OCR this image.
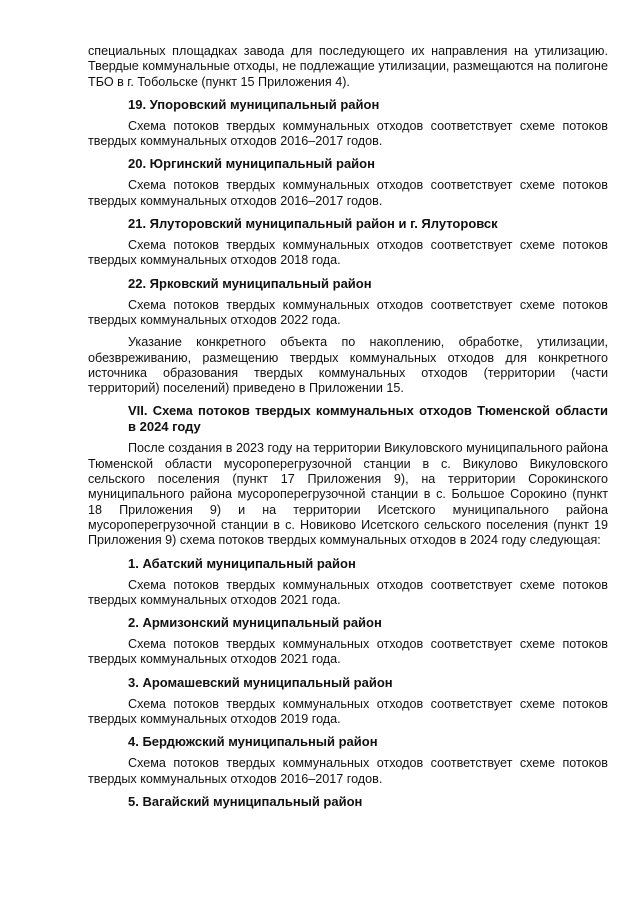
специальных площадках завода для последующего их направления на утилизацию. Твердые коммунальные отходы, не подлежащие утилизации, размещаются на полигоне ТБО в г. Тобольске (пункт 15 Приложения 4).

19. Упоровский муниципальный район

Схема потоков твердых коммунальных отходов соответствует схеме потоков твердых коммунальных отходов 2016–2017 годов.

20. Юргинский муниципальный район

Схема потоков твердых коммунальных отходов соответствует схеме потоков твердых коммунальных отходов 2016–2017 годов.

21. Ялуторовский муниципальный район и г. Ялуторовск

Схема потоков твердых коммунальных отходов соответствует схеме потоков твердых коммунальных отходов 2018 года.

22. Ярковский муниципальный район

Схема потоков твердых коммунальных отходов соответствует схеме потоков твердых коммунальных отходов 2022 года.

Указание конкретного объекта по накоплению, обработке, утилизации, обезвреживанию, размещению твердых коммунальных отходов для конкретного источника образования твердых коммунальных отходов (территории (части территорий) поселений) приведено в Приложении 15.

VII. Схема потоков твердых коммунальных отходов Тюменской области в 2024 году

После создания в 2023 году на территории Викуловского муниципального района Тюменской области мусороперегрузочной станции в с. Викулово Викуловского сельского поселения (пункт 17 Приложения 9), на территории Сорокинского муниципального района мусороперегрузочной станции в с. Большое Сорокино (пункт 18 Приложения 9) и на территории Исетского муниципального района мусороперегрузочной станции в с. Новиково Исетского сельского поселения (пункт 19 Приложения 9) схема потоков твердых коммунальных отходов в 2024 году следующая:

1. Абатский муниципальный район

Схема потоков твердых коммунальных отходов соответствует схеме потоков твердых коммунальных отходов 2021 года.

2. Армизонский муниципальный район

Схема потоков твердых коммунальных отходов соответствует схеме потоков твердых коммунальных отходов 2021 года.

3. Аромашевский муниципальный район

Схема потоков твердых коммунальных отходов соответствует схеме потоков твердых коммунальных отходов 2019 года.

4. Бердюжский муниципальный район

Схема потоков твердых коммунальных отходов соответствует схеме потоков твердых коммунальных отходов 2016–2017 годов.

5. Вагайский муниципальный район
